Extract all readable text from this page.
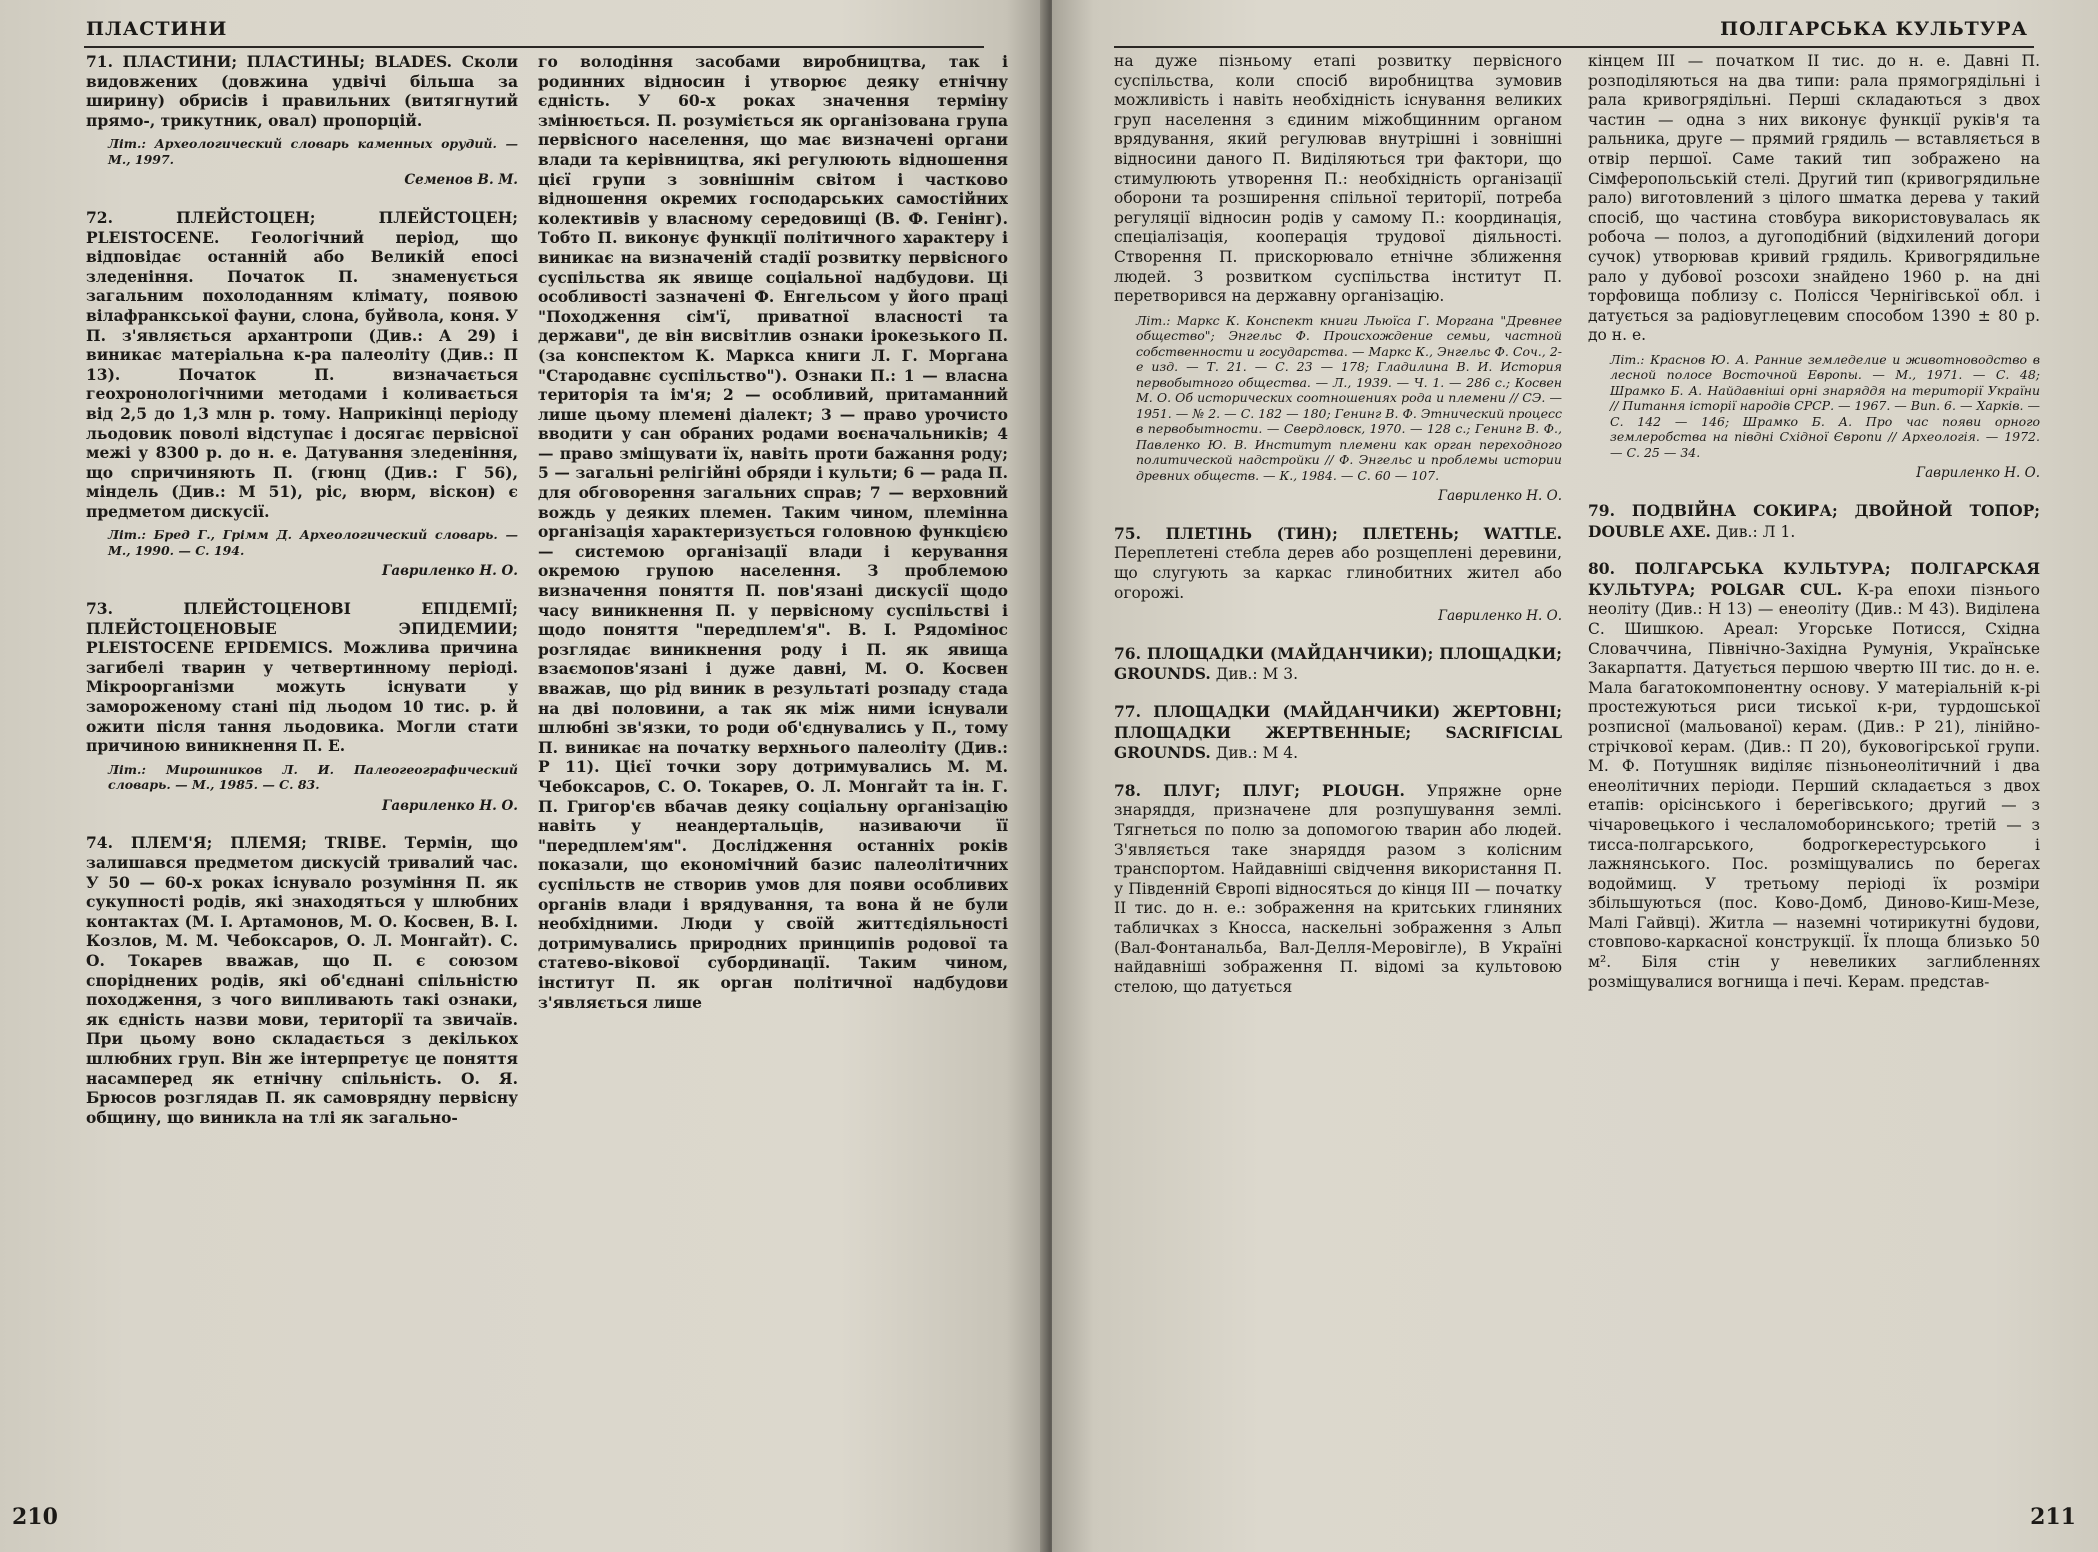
ПЛАСТИНИ

71. ПЛАСТИНИ; ПЛАСТИНЫ; BLADES. Сколи видовжених (довжина удвічі більша за ширину) обрисів і правильних (витягнутий прямо-, трикутник, овал) пропорцій.

Літ.: Археологический словарь каменных орудий. — М., 1997.
Семенов В. М.

72. ПЛЕЙСТОЦЕН; ПЛЕЙСТОЦЕН; PLEISTOCENE. Геологічний період, що відповідає останній або Великій епосі зледеніння. Початок П. знаменується загальним похолоданням клімату, появою вілафранкської фауни, слона, буйвола, коня. У П. з'являється архантропи (Див.: А 29) і виникає матеріальна к-ра палеоліту (Див.: П 13). Початок П. визначається геохронологічними методами і коливається від 2,5 до 1,3 млн р. тому. Наприкінці періоду льодовик поволі відступає і досягає первісної межі у 8300 р. до н. е. Датування зледеніння, що спричиняють П. (гюнц (Див.: Г 56), міндель (Див.: М 51), ріс, вюрм, віскон) є предметом дискусії.

Літ.: Бред Г., Грімм Д. Археологический словарь. — М., 1990. — С. 194.
Гавриленко Н. О.

73. ПЛЕЙСТОЦЕНОВІ ЕПІДЕМІЇ; ПЛЕЙСТОЦЕНОВЫЕ ЭПИДЕМИИ; PLEISTOCENE EPIDEMICS. Можлива причина загибелі тварин у четвертинному періоді. Мікроорганізми можуть існувати у замороженому стані під льодом 10 тис. р. й ожити після тання льодовика. Могли стати причиною виникнення П. Е.

Літ.: Мирошников Л. И. Палеогеографический словарь. — М., 1985. — С. 83.
Гавриленко Н. О.

74. ПЛЕМ'Я; ПЛЕМЯ; TRIBE. Термін, що залишався предметом дискусій тривалий час. У 50 — 60-х роках існувало розуміння П. як сукупності родів, які знаходяться у шлюбних контактах (М. І. Артамонов, М. О. Косвен, В. І. Козлов, М. М. Чебоксаров, О. Л. Монгайт). С. О. Токарев вважав, що П. є союзом споріднених родів, які об'єднані спільністю походження, з чого випливають такі ознаки, як єдність назви мови, території та звичаїв. При цьому воно складається з декількох шлюбних груп. Він же інтерпретує це поняття насамперед як етнічну спільність. О. Я. Брюсов розглядав П. як самоврядну первісну общину, що виникла на тлі як загально-

го володіння засобами виробництва, так і родинних відносин і утворює деяку етнічну єдність. У 60-х роках значення терміну змінюється. П. розуміється як організована група первісного населення, що має визначені органи влади та керівництва, які регулюють відношення цієї групи з зовнішнім світом і частково відношення окремих господарських самостійних колективів у власному середовищі (В. Ф. Генінг). Тобто П. виконує функції політичного характеру і виникає на визначеній стадії розвитку первісного суспільства як явище соціальної надбудови. Ці особливості зазначені Ф. Енгельсом у його праці "Походження сім'ї, приватної власності та держави", де він висвітлив ознаки ірокезького П. (за конспектом К. Маркса книги Л. Г. Моргана "Стародавнє суспільство"). Ознаки П.: 1 — власна територія та ім'я; 2 — особливий, притаманний лише цьому племені діалект; 3 — право урочисто вводити у сан обраних родами воєначальників; 4 — право зміщувати їх, навіть проти бажання роду; 5 — загальні релігійні обряди і культи; 6 — рада П. для обговорення загальних справ; 7 — верховний вождь у деяких племен. Таким чином, племінна організація характеризується головною функцією — системою організації влади і керування окремою групою населення. З проблемою визначення поняття П. пов'язані дискусії щодо часу виникнення П. у первісному суспільстві і щодо поняття "передплем'я". В. І. Рядомінос розглядає виникнення роду і П. як явища взаємопов'язані і дуже давні, М. О. Косвен вважав, що рід виник в результаті розпаду стада на дві половини, а так як між ними існували шлюбні зв'язки, то роди об'єднувались у П., тому П. виникає на початку верхнього палеоліту (Див.: Р 11). Цієї точки зору дотримувались М. М. Чебоксаров, С. О. Токарев, О. Л. Монгайт та ін. Г. П. Григор'єв вбачав деяку соціальну організацію навіть у неандертальців, називаючи її "передплем'ям". Дослідження останніх років показали, що економічний базис палеолітичних суспільств не створив умов для появи особливих органів влади і врядування, та вона й не були необхідними. Люди у своїй життєдіяльності дотримувались природних принципів родової та статево-вікової субординації. Таким чином, інститут П. як орган політичної надбудови з'являється лише

210
ПОЛГАРСЬКА КУЛЬТУРА

на дуже пізньому етапі розвитку первісного суспільства, коли спосіб виробництва зумовив можливість і навіть необхідність існування великих груп населення з єдиним міжобщинним органом врядування, який регулював внутрішні і зовнішні відносини даного П. Виділяються три фактори, що стимулюють утворення П.: необхідність організації оборони та розширення спільної території, потреба регуляції відносин родів у самому П.: координація, спеціалізація, кооперація трудової діяльності. Створення П. прискорювало етнічне зближення людей. З розвитком суспільства інститут П. перетворився на державну організацію.

Літ.: Маркс К. Конспект книги Льюїса Г. Моргана "Древнее общество"; Энгельс Ф. Происхождение семьи, частной собственности и государства. — Маркс К., Энгельс Ф. Соч., 2-е изд. — Т. 21. — С. 23 — 178; Гладилина В. И. История первобытного общества. — Л., 1939. — Ч. 1. — 286 с.; Косвен М. О. Об исторических соотношениях рода и племени // СЭ. — 1951. — № 2. — С. 182 — 180; Генинг В. Ф. Этнический процесс в первобытности. — Свердловск, 1970. — 128 с.; Генинг В. Ф., Павленко Ю. В. Институт племени как орган переходного политической надстройки // Ф. Энгельс и проблемы истории древних обществ. — К., 1984. — С. 60 — 107.
Гавриленко Н. О.

75. ПЛЕТІНЬ (ТИН); ПЛЕТЕНЬ; WATTLE. Переплетені стебла дерев або розщеплені деревини, що слугують за каркас глинобитних жител або огорожі.

Гавриленко Н. О.

76. ПЛОЩАДКИ (МАЙДАНЧИКИ); ПЛОЩАДКИ; GROUNDS. Див.: М 3.

77. ПЛОЩАДКИ (МАЙДАНЧИКИ) ЖЕРТОВНІ; ПЛОЩАДКИ ЖЕРТВЕННЫЕ; SACRIFICIAL GROUNDS. Див.: М 4.

78. ПЛУГ; ПЛУГ; PLOUGH. Упряжне орне знаряддя, призначене для розпушування землі. Тягнеться по полю за допомогою тварин або людей. З'являється таке знаряддя разом з колісним транспортом. Найдавніші свідчення використання П. у Південній Європі відносяться до кінця III — початку II тис. до н. е.: зображення на критських глиняних табличках з Кносса, наскельні зображення з Альп (Вал-Фонтанальба, Вал-Делля-Меровігле), В Україні найдавніші зображення П. відомі за культовою стелою, що датується

кінцем III — початком II тис. до н. е. Давні П. розподіляються на два типи: рала прямогрядільні і рала кривогрядільні. Перші складаються з двох частин — одна з них виконує функції руків'я та ральника, друге — прямий грядиль — вставляється в отвір першої. Саме такий тип зображено на Сімферопольській стелі. Другий тип (кривогрядильне рало) виготовлений з цілого шматка дерева у такий спосіб, що частина стовбура використовувалась як робоча — полоз, а дугоподібний (відхилений догори сучок) утворював кривий грядиль. Кривогрядильне рало у дубової розсохи знайдено 1960 р. на дні торфовища поблизу с. Полісся Чернігівської обл. і датується за радіовуглецевим способом 1390 ± 80 р. до н. е.

Літ.: Краснов Ю. А. Ранние земледелие и животноводство в лесной полосе Восточной Европы. — М., 1971. — С. 48; Шрамко Б. А. Найдавніші орні знаряддя на території України // Питання історії народів СРСР. — 1967. — Вип. 6. — Харків. — С. 142 — 146; Шрамко Б. А. Про час появи орного землеробства на півдні Східної Європи // Археологія. — 1972. — С. 25 — 34.
Гавриленко Н. О.

79. ПОДВІЙНА СОКИРА; ДВОЙНОЙ ТОПОР; DOUBLE AXE. Див.: Л 1.

80. ПОЛГАРСЬКА КУЛЬТУРА; ПОЛГАРСКАЯ КУЛЬТУРА; POLGAR CUL. К-ра епохи пізнього неоліту (Див.: Н 13) — енеоліту (Див.: М 43). Виділена С. Шишкою. Ареал: Угорське Потисся, Східна Словаччина, Північно-Західна Румунія, Українське Закарпаття. Датується першою чвертю III тис. до н. е. Мала багатокомпонентну основу. У матеріальній к-рі простежуються риси тиської к-ри, турдошської розписної (мальованої) керам. (Див.: Р 21), лінійно-стрічкової керам. (Див.: П 20), буковогірської групи. М. Ф. Потушняк виділяє пізньонеолітичний і два енеолітичних періоди. Перший складається з двох етапів: орісінського і берегівського; другий — з чічаровецького і чеслаломоборинського; третій — з тисса-полгарського, бодрогкерестурського і лажнянського. Пос. розміщувались по берегах водоймищ. У третьому періоді їх розміри збільшуються (пос. Ково-Домб, Диново-Киш-Мезе, Малі Гайвці). Житла — наземні чотирикутні будови, стовпово-каркасної конструкції. Їх площа близько 50 м². Біля стін у невеликих заглибленнях розміщувалися вогнища і печі. Керам. представ-

211
